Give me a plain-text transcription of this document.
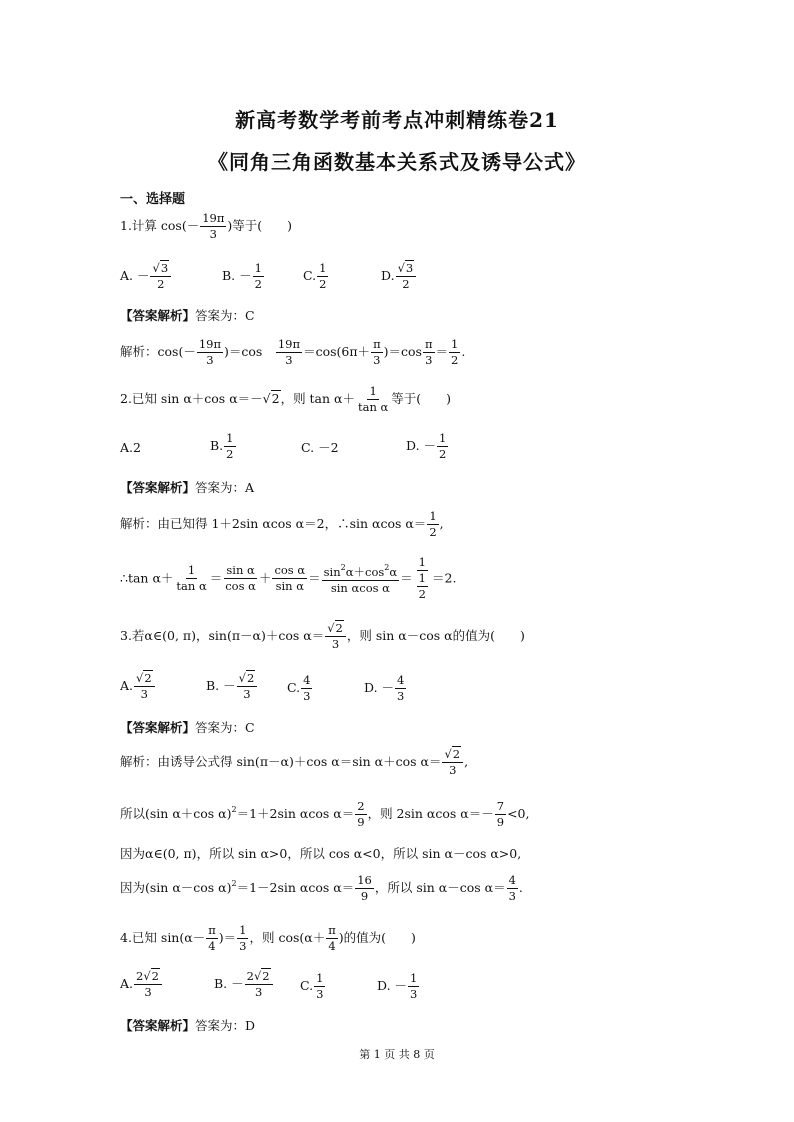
新高考数学考前考点冲刺精练卷21
《同角三角函数基本关系式及诱导公式》
一、选择题
1.计算 $\cos(- \frac{19\pi}{3}$ )等于(　　)
A. － $\frac{√3}{2}$	B. － $\frac{1}{2}$	C. $\frac{1}{2}$	D. $\frac{√3}{2}$
【答案解析】答案为：C
解析：$\cos(- \frac{19\pi}{3} )=\cos$　 $\frac{19\pi}{3} =\cos(6\pi+ \frac{\pi}{3} )=\cos \frac{\pi}{3} = \frac{1}{2}$ .
2.已知 sin α＋cos α＝－√2，则 $\tan \alpha+ \frac{1}{\text{tan α}}$ 等于(　　)
A.2	B. $\frac{1}{2}$	C. －2	D. － $\frac{1}{2}$
【答案解析】答案为：A
解析：由已知得 1＋2sin αcos α＝2，∴sin αcos $\alpha= \frac{1}{2}$ ,
∴tan $\alpha+ \frac{1}{\text{tan α}} = \frac{\text{sin α}}{\text{cos α}} + \frac{\text{cos α}}{\text{sin α}} = \frac{\sin^2\alpha+\cos^2\alpha}{\text{sin αcos α}} = \frac{1}{\frac{1}{2}} =2$.
3.若α∈(0, π)，sin(π－α)＋cos $\alpha= \frac{√2}{3}$ ，则 sin α－cos α的值为(　　)
A. $\frac{√2}{3}$	B. － $\frac{√2}{3} C$. $\frac{4}{3}$	D. － $\frac{4}{3}$
【答案解析】答案为：C
解析：由诱导公式得 sin(π－α)＋cos α＝sin α＋cos $\alpha= \frac{√2}{3}$ ,
所以(sin α＋cos α)$^2$＝1＋2sin αcos $\alpha= \frac{2}{9}$ ，则 2sin αcos $\alpha=- \frac{7}{9} <0$,
因为α∈(0, π)，所以 sin α>0，所以 cos α<0，所以 sin α－cos α>0,
因为(sin α－cos α)$^2$＝1－2sin αcos $\alpha= \frac{16}{9}$ ，所以 sin α－cos $\alpha= \frac{4}{3}$ .
4.已知 $\sin(\alpha- \frac{\pi}{4}$ )＝ $\frac{1}{3}$ ，则 $\cos(\alpha+ \frac{\pi}{4}$ )的值为(　　)
A. $\frac{2√2}{3}$	B. － $\frac{2√2}{3} C$. $\frac{1}{3}$	D. － $\frac{1}{3}$
【答案解析】答案为：D
第 1 页 共 8 页
